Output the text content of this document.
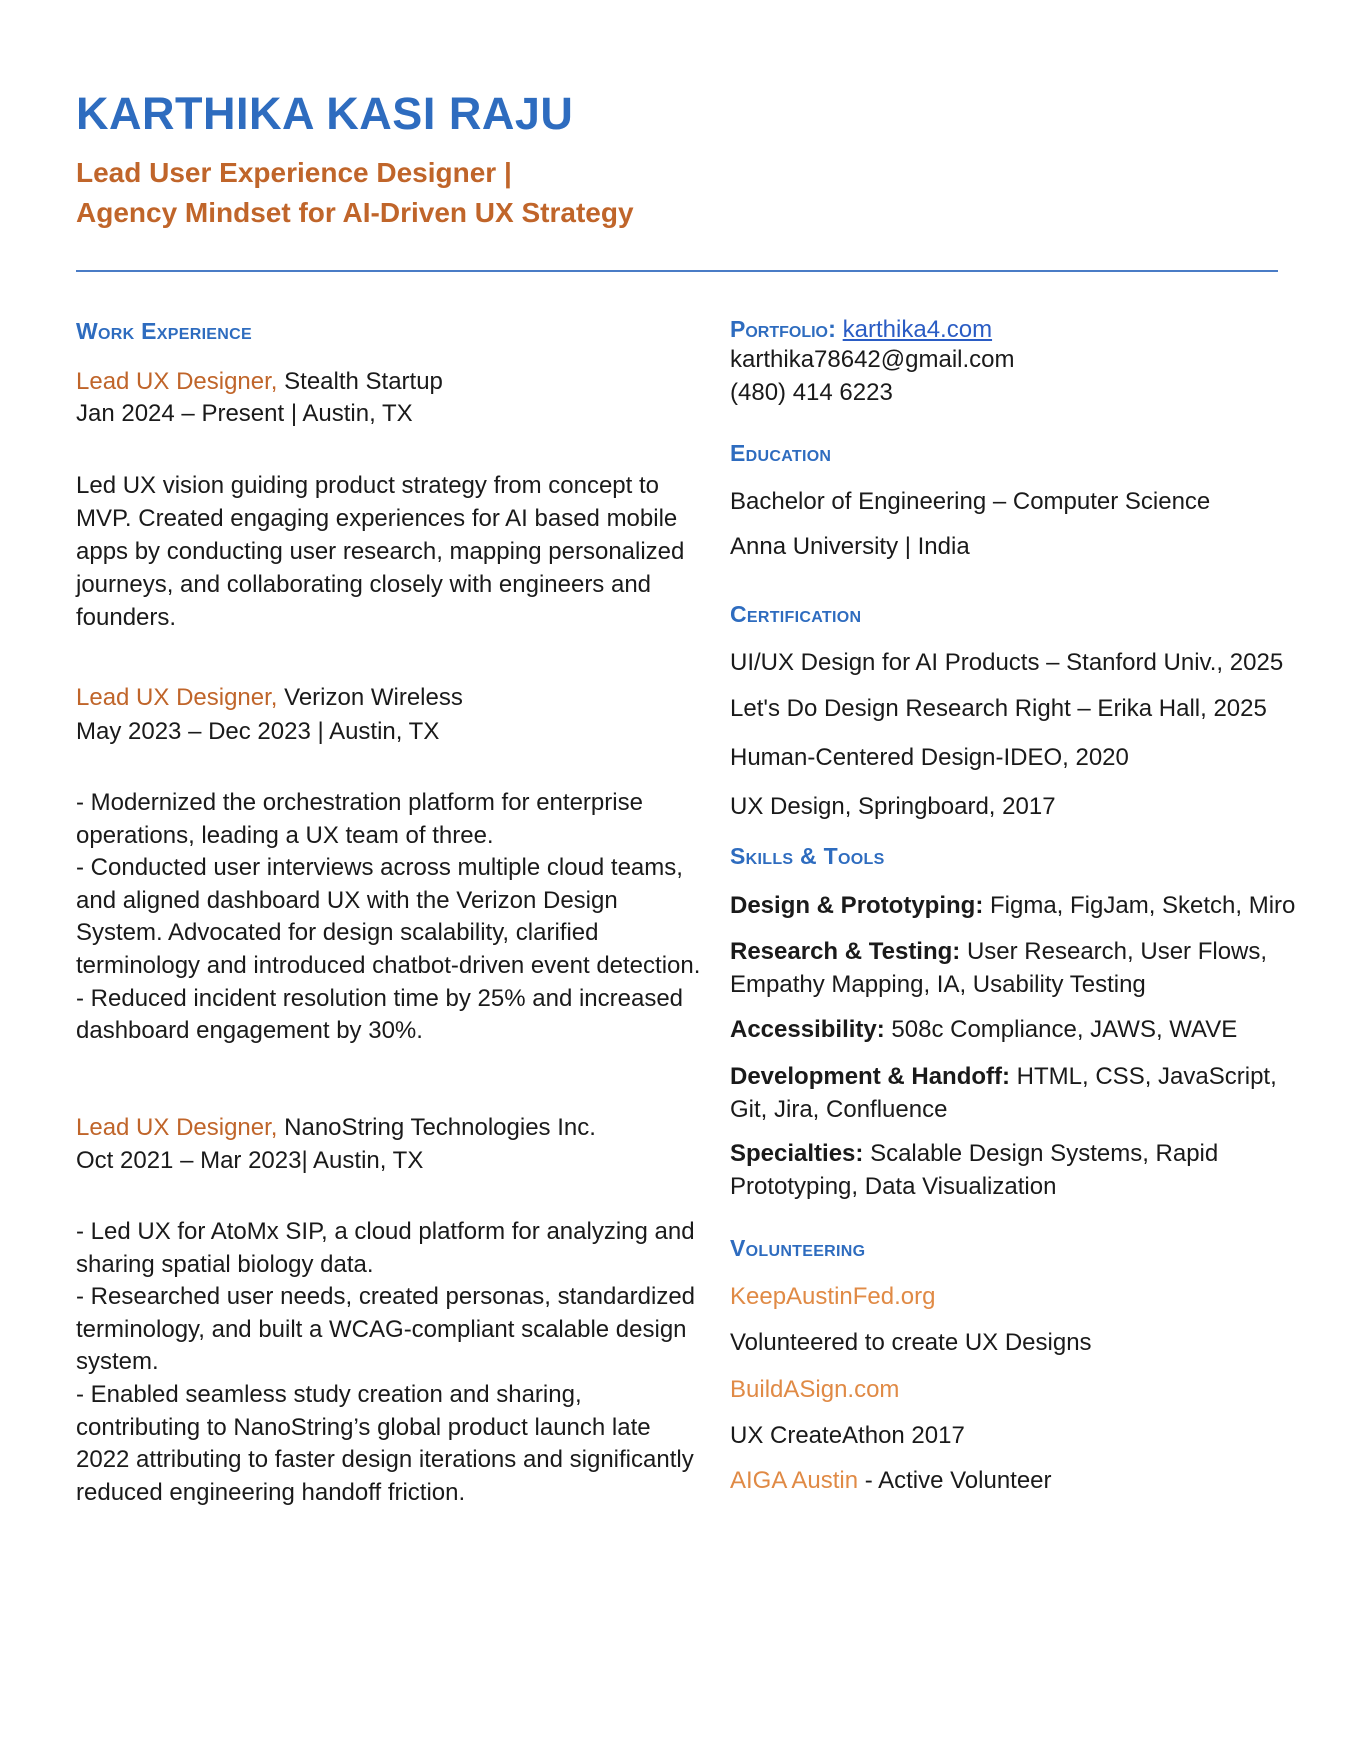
KARTHIKA KASI RAJU
Lead User Experience Designer |
Agency Mindset for AI-Driven UX Strategy
Work Experience
Lead UX Designer, Stealth Startup
Jan 2024 – Present | Austin, TX
Led UX vision guiding product strategy from concept to MVP. Created engaging experiences for AI based mobile apps by conducting user research, mapping personalized journeys, and collaborating closely with engineers and founders.
Lead UX Designer, Verizon Wireless
May 2023 – Dec 2023 | Austin, TX
- Modernized the orchestration platform for enterprise operations, leading a UX team of three.
- Conducted user interviews across multiple cloud teams, and aligned dashboard UX with the Verizon Design System. Advocated for design scalability, clarified terminology and introduced chatbot-driven event detection.
- Reduced incident resolution time by 25% and increased dashboard engagement by 30%.
Lead UX Designer, NanoString Technologies Inc.
Oct 2021 – Mar 2023| Austin, TX
- Led UX for AtoMx SIP, a cloud platform for analyzing and sharing spatial biology data.
- Researched user needs, created personas, standardized terminology, and built a WCAG-compliant scalable design system.
- Enabled seamless study creation and sharing, contributing to NanoString’s global product launch late 2022 attributing to faster design iterations and significantly reduced engineering handoff friction.
Portfolio: karthika4.com
karthika78642@gmail.com
(480) 414 6223
Education
Bachelor of Engineering – Computer Science
Anna University | India
Certification
UI/UX Design for AI Products – Stanford Univ., 2025
Let's Do Design Research Right – Erika Hall, 2025
Human-Centered Design-IDEO, 2020
UX Design, Springboard, 2017
Skills & Tools
Design & Prototyping: Figma, FigJam, Sketch, Miro
Research & Testing: User Research, User Flows, Empathy Mapping, IA, Usability Testing
Accessibility: 508c Compliance, JAWS, WAVE
Development & Handoff: HTML, CSS, JavaScript, Git, Jira, Confluence
Specialties: Scalable Design Systems, Rapid Prototyping, Data Visualization
Volunteering
KeepAustinFed.org
Volunteered to create UX Designs
BuildASign.com
UX CreateAthon 2017
AIGA Austin - Active Volunteer
